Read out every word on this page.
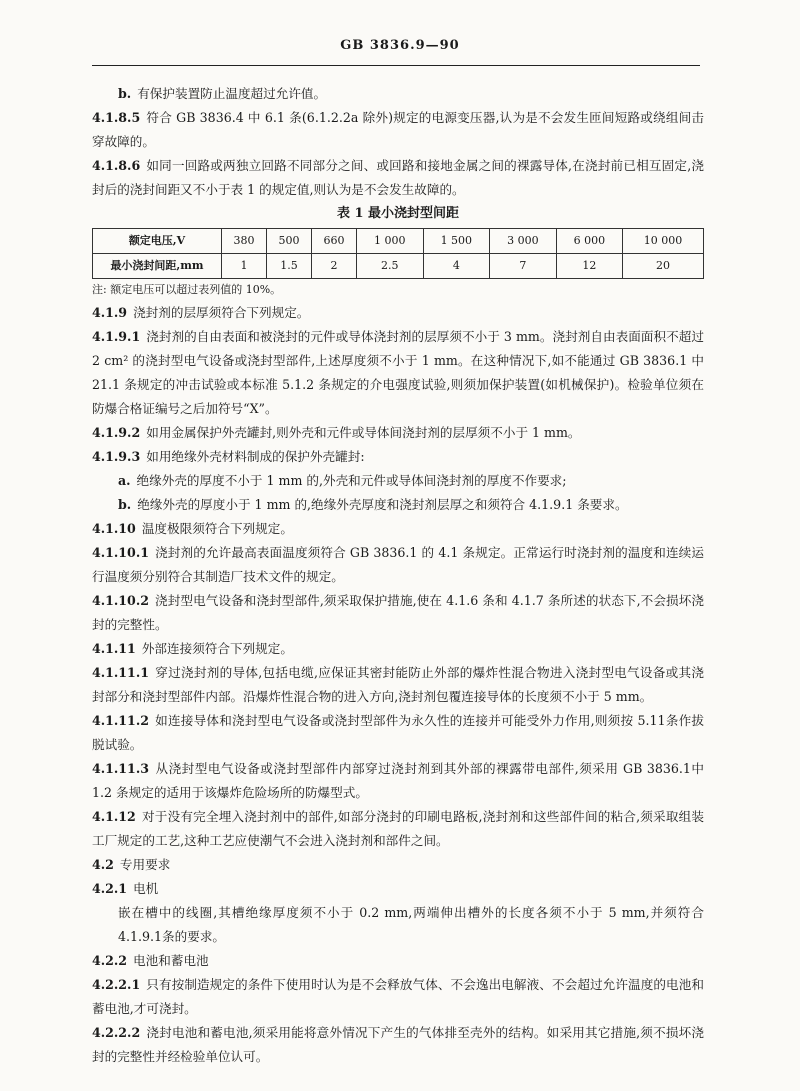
GB 3836.9—90

b. 有保护装置防止温度超过允许值。

4.1.8.5 符合 GB 3836.4 中 6.1 条(6.1.2.2a 除外)规定的电源变压器,认为是不会发生匝间短路或绕组间击穿故障的。

4.1.8.6 如同一回路或两独立回路不同部分之间、或回路和接地金属之间的裸露导体,在浇封前已相互固定,浇封后的浇封间距又不小于表 1 的规定值,则认为是不会发生故障的。

表 1 最小浇封型间距

额定电压,V	380	500	660	1 000	1 500	3 000	6 000	10 000
最小浇封间距,mm	1	1.5	2	2.5	4	7	12	20

注: 额定电压可以超过表列值的 10%。

4.1.9 浇封剂的层厚须符合下列规定。

4.1.9.1 浇封剂的自由表面和被浇封的元件或导体浇封剂的层厚须不小于 3 mm。浇封剂自由表面面积不超过 2 cm² 的浇封型电气设备或浇封型部件,上述厚度须不小于 1 mm。在这种情况下,如不能通过 GB 3836.1 中 21.1 条规定的冲击试验或本标准 5.1.2 条规定的介电强度试验,则须加保护装置(如机械保护)。检验单位须在防爆合格证编号之后加符号“X”。

4.1.9.2 如用金属保护外壳罐封,则外壳和元件或导体间浇封剂的层厚须不小于 1 mm。

4.1.9.3 如用绝缘外壳材料制成的保护外壳罐封:

a. 绝缘外壳的厚度不小于 1 mm 的,外壳和元件或导体间浇封剂的厚度不作要求;

b. 绝缘外壳的厚度小于 1 mm 的,绝缘外壳厚度和浇封剂层厚之和须符合 4.1.9.1 条要求。

4.1.10 温度极限须符合下列规定。

4.1.10.1 浇封剂的允许最高表面温度须符合 GB 3836.1 的 4.1 条规定。正常运行时浇封剂的温度和连续运行温度须分别符合其制造厂技术文件的规定。

4.1.10.2 浇封型电气设备和浇封型部件,须采取保护措施,使在 4.1.6 条和 4.1.7 条所述的状态下,不会损坏浇封的完整性。

4.1.11 外部连接须符合下列规定。

4.1.11.1 穿过浇封剂的导体,包括电缆,应保证其密封能防止外部的爆炸性混合物进入浇封型电气设备或其浇封部分和浇封型部件内部。沿爆炸性混合物的进入方向,浇封剂包覆连接导体的长度须不小于 5 mm。

4.1.11.2 如连接导体和浇封型电气设备或浇封型部件为永久性的连接并可能受外力作用,则须按 5.11条作拔脱试验。

4.1.11.3 从浇封型电气设备或浇封型部件内部穿过浇封剂到其外部的裸露带电部件,须采用 GB 3836.1中 1.2 条规定的适用于该爆炸危险场所的防爆型式。

4.1.12 对于没有完全埋入浇封剂中的部件,如部分浇封的印刷电路板,浇封剂和这些部件间的粘合,须采取组装工厂规定的工艺,这种工艺应使潮气不会进入浇封剂和部件之间。

4.2 专用要求

4.2.1 电机

嵌在槽中的线圈,其槽绝缘厚度须不小于 0.2 mm,两端伸出槽外的长度各须不小于 5 mm,并须符合4.1.9.1条的要求。

4.2.2 电池和蓄电池

4.2.2.1 只有按制造规定的条件下使用时认为是不会释放气体、不会逸出电解液、不会超过允许温度的电池和蓄电池,才可浇封。

4.2.2.2 浇封电池和蓄电池,须采用能将意外情况下产生的气体排至壳外的结构。如采用其它措施,须不损坏浇封的完整性并经检验单位认可。
